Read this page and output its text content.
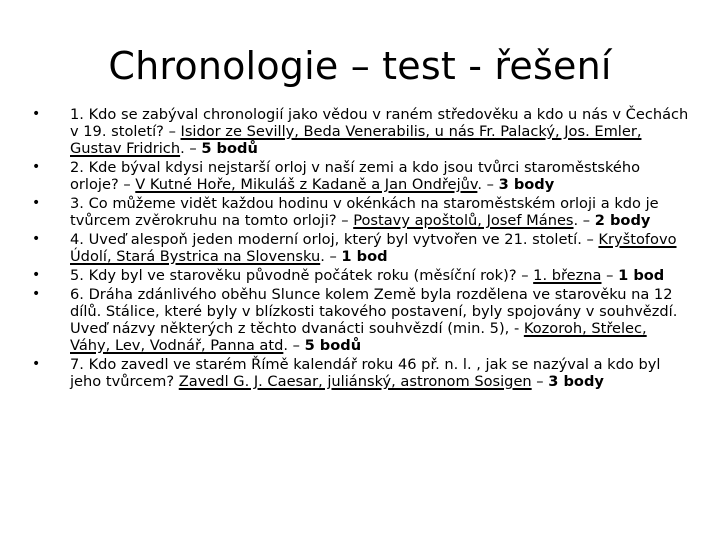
Chronologie – test - řešení
• 1. Kdo se zabýval chronologií jako vědou v raném středověku a kdo u nás v Čechách v 19. století? – Isidor ze Sevilly, Beda Venerabilis, u nás Fr. Palacký, Jos. Emler, Gustav Fridrich. – 5 bodů
• 2. Kde býval kdysi nejstarší orloj v naší zemi a kdo jsou tvůrci staroměstského orloje? – V Kutné Hoře, Mikuláš z Kadaně a Jan Ondřejův. – 3 body
• 3. Co můžeme vidět každou hodinu v okénkách na staroměstském orloji a kdo je tvůrcem zvěrokruhu na tomto orloji? – Postavy apoštolů, Josef Mánes. – 2 body
• 4. Uveď alespoň jeden moderní orloj, který byl vytvořen ve 21. století. – Kryštofovo Údolí, Stará Bystrica na Slovensku. – 1 bod
• 5. Kdy byl ve starověku původně počátek roku (měsíční rok)? – 1. března – 1 bod
• 6. Dráha zdánlivého oběhu Slunce kolem Země byla rozdělena ve starověku na 12 dílů. Stálice, které byly v blízkosti takového postavení, byly spojovány v souhvězdí. Uveď názvy některých z těchto dvanácti souhvězdí (min. 5), - Kozoroh, Střelec, Váhy, Lev, Vodnář, Panna atd. – 5 bodů
• 7. Kdo zavedl ve starém Římě kalendář roku 46 př. n. l. , jak se nazýval a kdo byl jeho tvůrcem? Zavedl G. J. Caesar, juliánský, astronom Sosigen – 3 body
